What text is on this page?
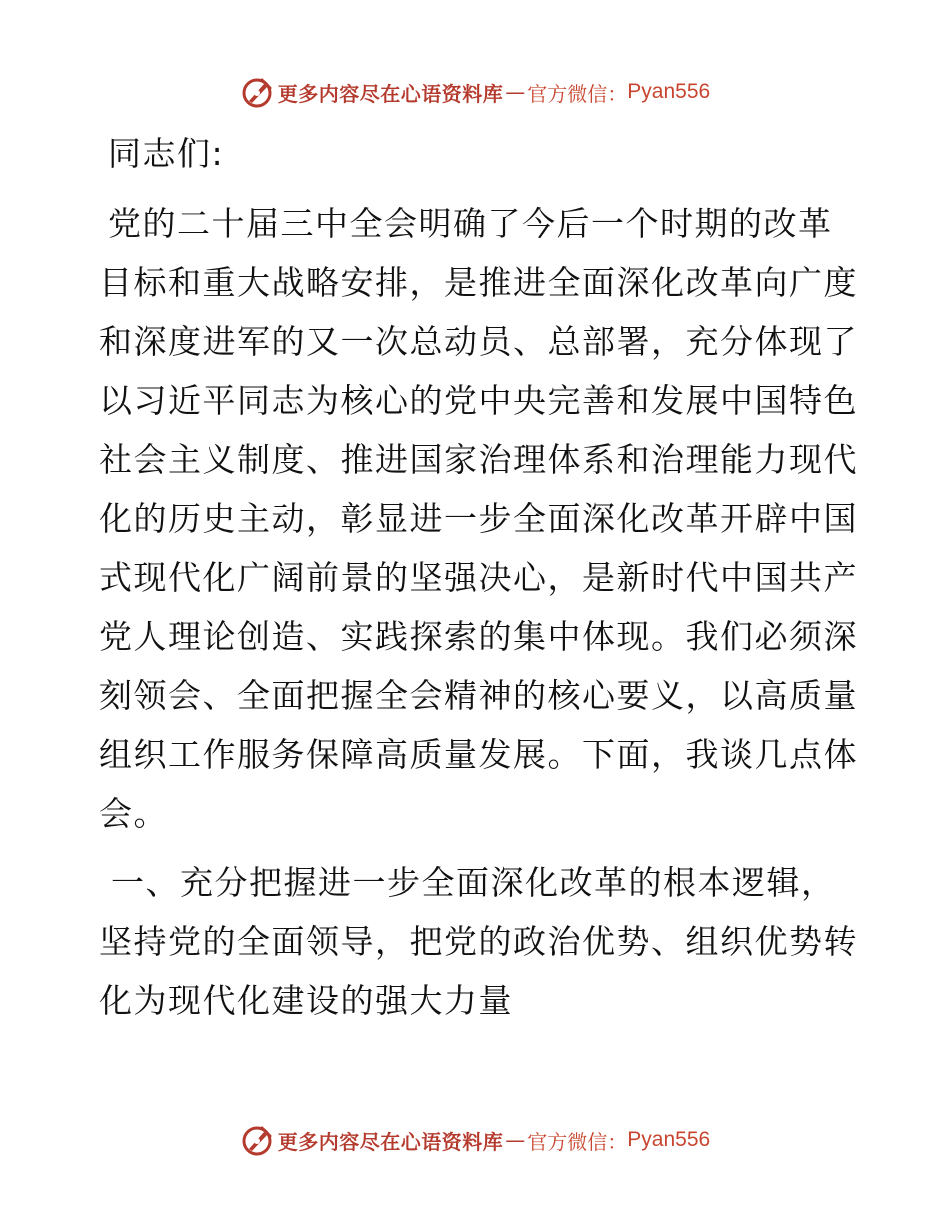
更多内容尽在心语资料库 — 官方微信： Pyan556

同志们:

党的二十届三中全会明确了今后一个时期的改革目标和重大战略安排，是推进全面深化改革向广度和深度进军的又一次总动员、总部署，充分体现了以习近平同志为核心的党中央完善和发展中国特色社会主义制度、推进国家治理体系和治理能力现代化的历史主动，彰显进一步全面深化改革开辟中国式现代化广阔前景的坚强决心，是新时代中国共产党人理论创造、实践探索的集中体现。我们必须深刻领会、全面把握全会精神的核心要义，以高质量组织工作服务保障高质量发展。下面，我谈几点体会。

一、充分把握进一步全面深化改革的根本逻辑，坚持党的全面领导，把党的政治优势、组织优势转化为现代化建设的强大力量

更多内容尽在心语资料库 — 官方微信： Pyan556
